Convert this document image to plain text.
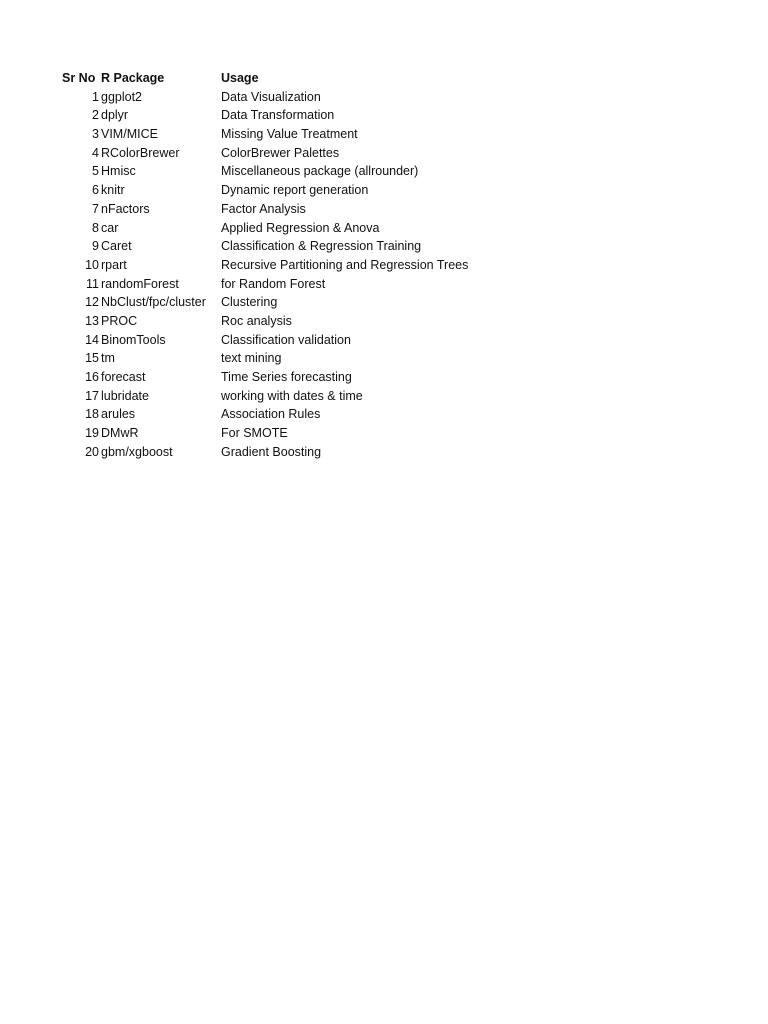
Sr No R Package	Usage
1 ggplot2	Data Visualization
2 dplyr	Data Transformation
3 VIM/MICE	Missing Value Treatment
4 RColorBrewer	ColorBrewer Palettes
5 Hmisc	Miscellaneous package (allrounder)
6 knitr	Dynamic report generation
7 nFactors	Factor Analysis
8 car	Applied Regression & Anova
9 Caret	Classification & Regression Training
10 rpart	Recursive Partitioning and Regression Trees
11 randomForest	for Random Forest
12 NbClust/fpc/cluster Clustering
13 PROC	Roc analysis
14 BinomTools	Classification validation
15 tm	text mining
16 forecast	Time Series forecasting
17 lubridate	working with dates & time
18 arules	Association Rules
19 DMwR	For SMOTE
20 gbm/xgboost	Gradient Boosting
